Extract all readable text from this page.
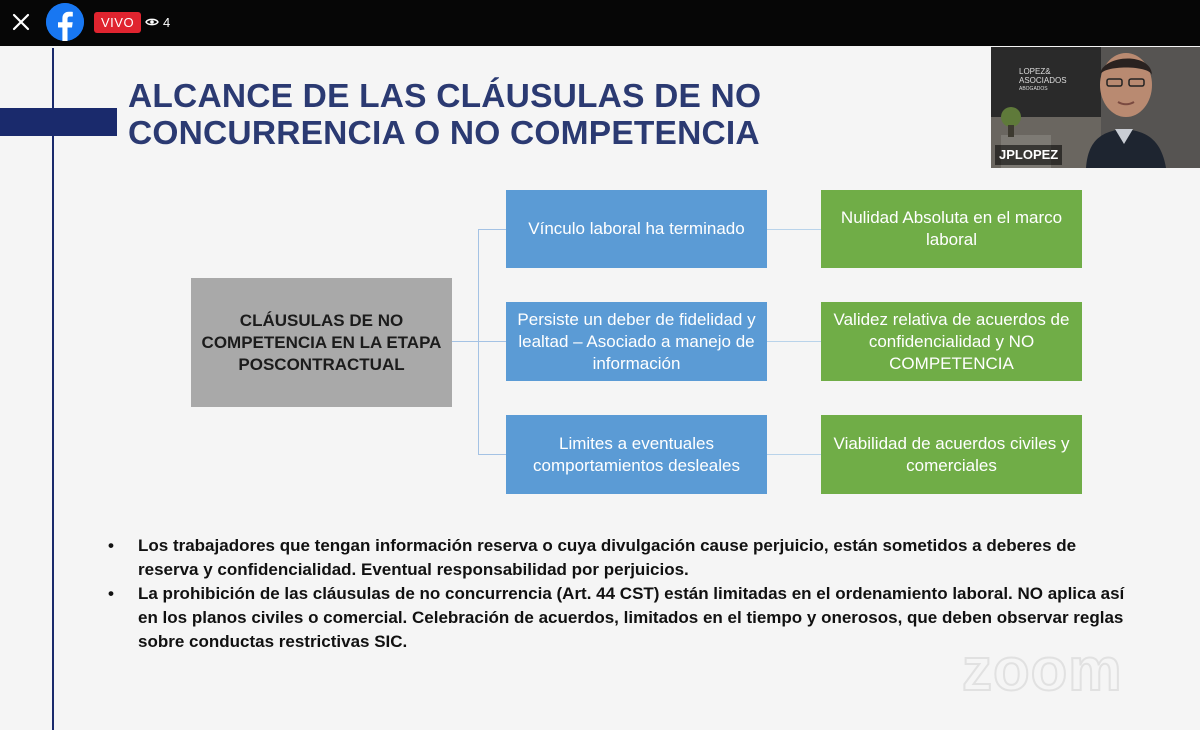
VIVO	4
ALCANCE DE LAS CLÁUSULAS DE NO CONCURRENCIA O NO COMPETENCIA
CLÁUSULAS DE NO COMPETENCIA EN LA ETAPA POSCONTRACTUAL
Vínculo laboral ha terminado
Persiste un deber de fidelidad y lealtad – Asociado a manejo de información
Limites a eventuales comportamientos desleales
Nulidad Absoluta en el marco laboral
Validez relativa de acuerdos de confidencialidad y NO COMPETENCIA
Viabilidad de acuerdos civiles y comerciales
• Los trabajadores que tengan información reserva o cuya divulgación cause perjuicio, están sometidos a deberes de reserva y confidencialidad. Eventual responsabilidad por perjuicios.
• La prohibición de las cláusulas de no concurrencia (Art. 44 CST) están limitadas en el ordenamiento laboral. NO aplica así en los planos civiles o comercial. Celebración de acuerdos, limitados en el tiempo y onerosos, que deben observar reglas sobre conductas restrictivas SIC.	zoom
LOPEZ&
ASOCIADOS
ABOGADOS
JPLOPEZ
